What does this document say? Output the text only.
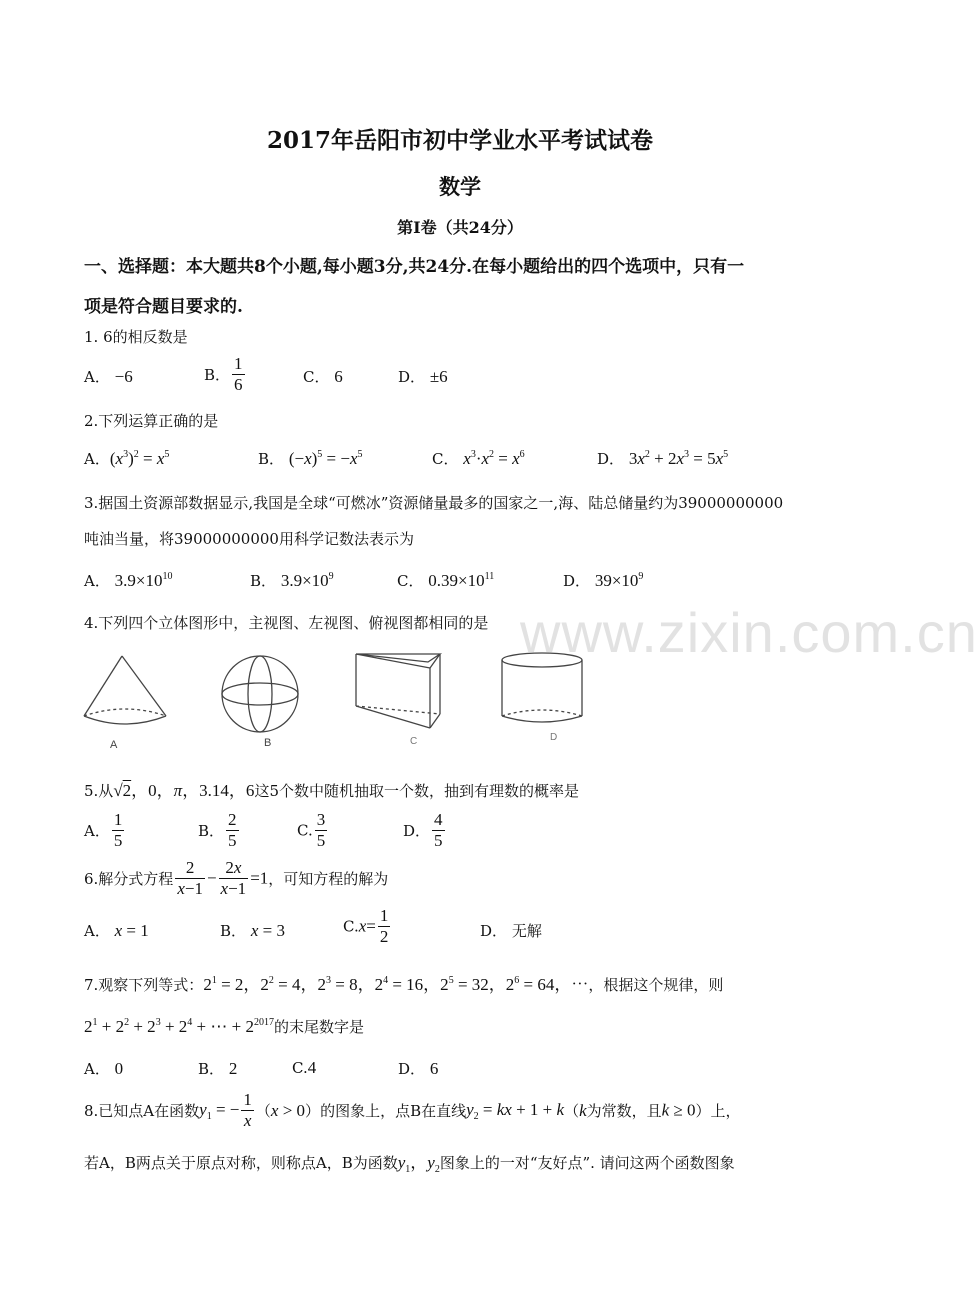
www.zixin.com.cn
2017年岳阳市初中学业水平考试试卷
数学
第Ⅰ卷（共24分）
一、选择题：本大题共8个小题,每小题3分,共24分.在每小题给出的四个选项中，只有一
项是符合题目要求的.
1. 6的相反数是
A． −6	B． $\frac{1}{6}$	C． 6	D． ±6
2.下列运算正确的是
A．$(x^3)^2 = x^5$	B． $(-x)^5 = -x^5$	C． $x^3\cdot x^2 = x^6$	D． $3x^2 + 2x^3 = 5x^5$
3.据国土资源部数据显示,我国是全球“可燃冰”资源储量最多的国家之一,海、陆总储量约为39000000000
吨油当量，将39000000000用科学记数法表示为
A． $3.9\times 10^{10}$	B． $3.9\times 10^9$	C． $0.39\times 10^{11}$	D． $39\times 10^9$
4.下列四个立体图形中，主视图、左视图、俯视图都相同的是
A	B	C	D
5.从√2，0，π，3.14，6这5个数中随机抽取一个数，抽到有理数的概率是
A． $\frac{1}{5}$	B． $\frac{2}{5}$	C. $\frac{3}{5}$	D． $\frac{4}{5}$
6.解分式方程 $\frac{2}{x-1} - \frac{2x}{x-1} =1$，可知方程的解为
A． x = 1	B． x = 3	$C.x= \frac{1}{2}$	D． 无解
7.观察下列等式：$2^1 = 2$，$2^2 = 4$，$2^3 = 8$，$2^4 = 16$，$2^5 = 32$，$2^6 = 64$，⋯，根据这个规律，则
$2^1 + 2^2 + 2^3 + 2^4$ + ⋯ + $2^{2017}$的末尾数字是
A． 0	B． 2	C.4	D． 6
8.已知点A在函数$y_1$ = − $\frac{1}{x} (x > 0)$的图象上，点B在直线$y_2$ = kx + 1 + k（k为常数，且k ≥ 0）上，
若A，B两点关于原点对称，则称点A，B为函数$y_1$，$y_2$图象上的一对“友好点”. 请问这两个函数图象
